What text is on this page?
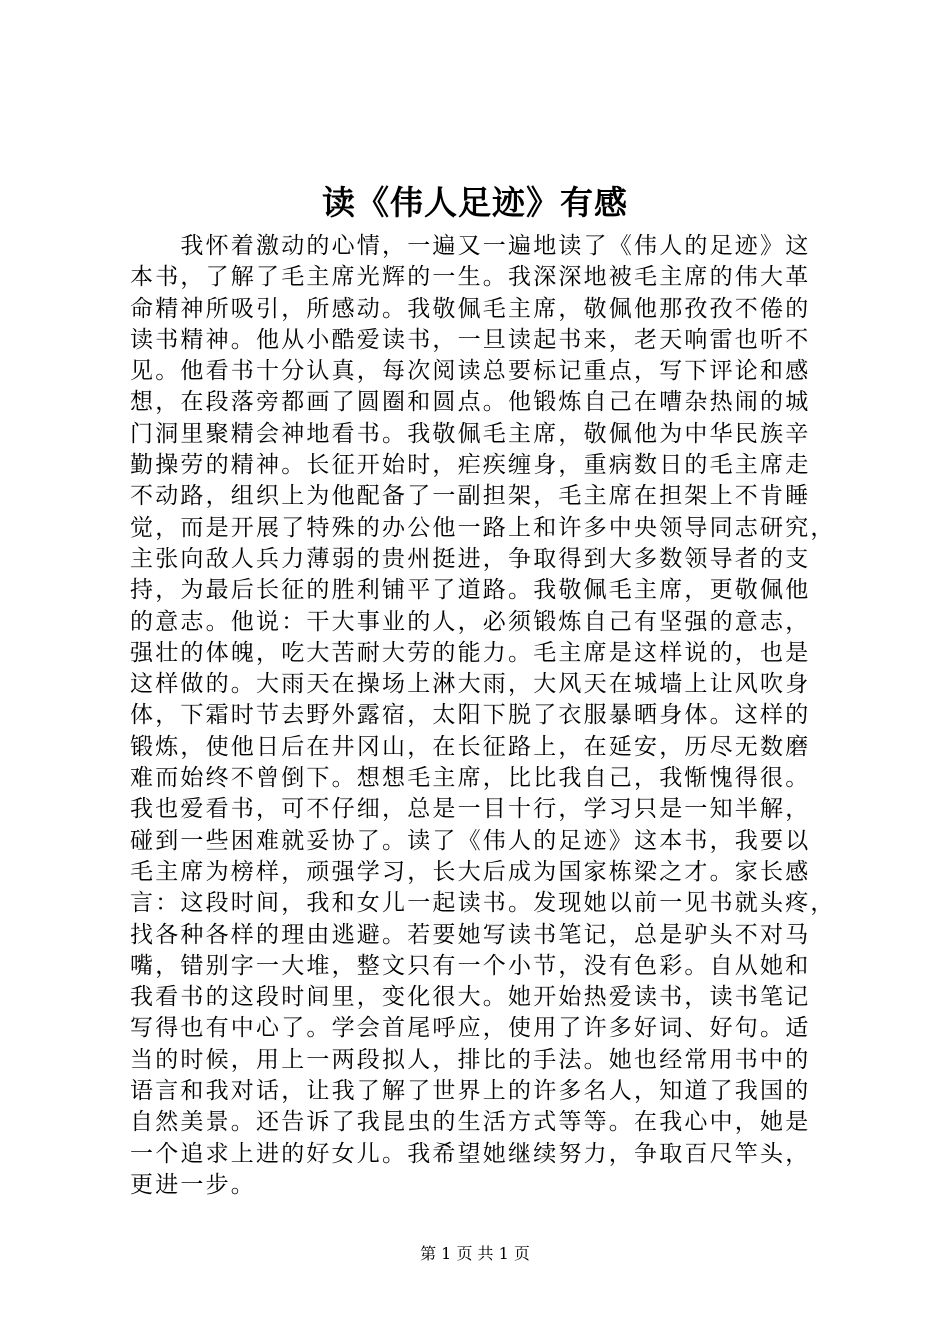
读《伟人足迹》有感
　　我怀着激动的心情，一遍又一遍地读了《伟人的足迹》这
本书，了解了毛主席光辉的一生。我深深地被毛主席的伟大革
命精神所吸引，所感动。我敬佩毛主席，敬佩他那孜孜不倦的
读书精神。他从小酷爱读书，一旦读起书来，老天响雷也听不
见。他看书十分认真，每次阅读总要标记重点，写下评论和感
想，在段落旁都画了圆圈和圆点。他锻炼自己在嘈杂热闹的城
门洞里聚精会神地看书。我敬佩毛主席，敬佩他为中华民族辛
勤操劳的精神。长征开始时，疟疾缠身，重病数日的毛主席走
不动路，组织上为他配备了一副担架，毛主席在担架上不肯睡
觉，而是开展了特殊的办公他一路上和许多中央领导同志研究，
主张向敌人兵力薄弱的贵州挺进，争取得到大多数领导者的支
持，为最后长征的胜利铺平了道路。我敬佩毛主席，更敬佩他
的意志。他说：干大事业的人，必须锻炼自己有坚强的意志，
强壮的体魄，吃大苦耐大劳的能力。毛主席是这样说的，也是
这样做的。大雨天在操场上淋大雨，大风天在城墙上让风吹身
体，下霜时节去野外露宿，太阳下脱了衣服暴晒身体。这样的
锻炼，使他日后在井冈山，在长征路上，在延安，历尽无数磨
难而始终不曾倒下。想想毛主席，比比我自己，我惭愧得很。
我也爱看书，可不仔细，总是一目十行，学习只是一知半解，
碰到一些困难就妥协了。读了《伟人的足迹》这本书，我要以
毛主席为榜样，顽强学习，长大后成为国家栋梁之才。家长感
言：这段时间，我和女儿一起读书。发现她以前一见书就头疼，
找各种各样的理由逃避。若要她写读书笔记，总是驴头不对马
嘴，错别字一大堆，整文只有一个小节，没有色彩。自从她和
我看书的这段时间里，变化很大。她开始热爱读书，读书笔记
写得也有中心了。学会首尾呼应，使用了许多好词、好句。适
当的时候，用上一两段拟人，排比的手法。她也经常用书中的
语言和我对话，让我了解了世界上的许多名人，知道了我国的
自然美景。还告诉了我昆虫的生活方式等等。在我心中，她是
一个追求上进的好女儿。我希望她继续努力，争取百尺竿头，
更进一步。
第 1 页 共 1 页
